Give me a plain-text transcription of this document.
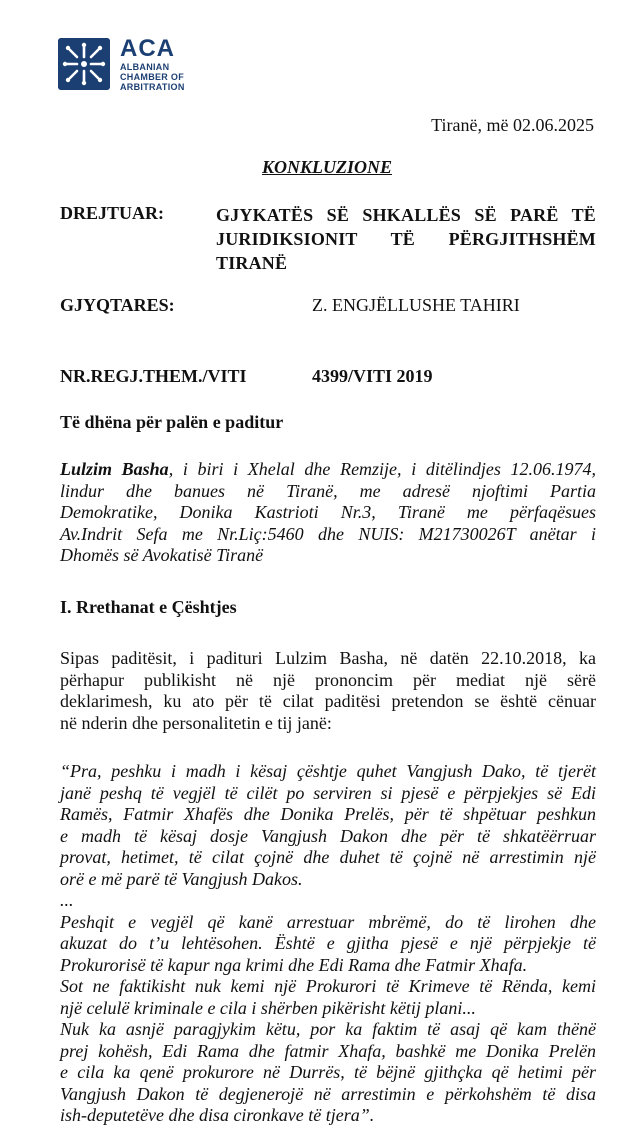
ACA
ALBANIAN
CHAMBER OF
ARBITRATION
Tiranë, më 02.06.2025
KONKLUZIONE
DREJTUAR:	GJYKATËS SË SHKALLËS SË PARË TË
JURIDIKSIONIT TË PËRGJITHSHËM
TIRANË
GJYQTARES:	Z. ENGJËLLUSHE TAHIRI
NR.REGJ.THEM./VITI	4399/VITI 2019
Të dhëna për palën e paditur
Lulzim Basha, i biri i Xhelal dhe Remzije, i ditëlindjes 12.06.1974,
lindur dhe banues në Tiranë, me adresë njoftimi Partia
Demokratike, Donika Kastrioti Nr.3, Tiranë me përfaqësues
Av.Indrit Sefa me Nr.Liç:5460 dhe NUIS: M21730026T anëtar i
Dhomës së Avokatisë Tiranë
I. Rrethanat e Çështjes
Sipas paditësit, i padituri Lulzim Basha, në datën 22.10.2018, ka
përhapur publikisht në një prononcim për mediat një sërë
deklarimesh, ku ato për të cilat paditësi pretendon se është cënuar
në nderin dhe personalitetin e tij janë:
“Pra, peshku i madh i kësaj çështje quhet Vangjush Dako, të tjerët
janë peshq të vegjël të cilët po serviren si pjesë e përpjekjes së Edi
Ramës, Fatmir Xhafës dhe Donika Prelës, për të shpëtuar peshkun
e madh të kësaj dosje Vangjush Dakon dhe për të shkatëërruar
provat, hetimet, të cilat çojnë dhe duhet të çojnë në arrestimin një
orë e më parë të Vangjush Dakos.
...
Peshqit e vegjël që kanë arrestuar mbrëmë, do të lirohen dhe
akuzat do t’u lehtësohen. Është e gjitha pjesë e një përpjekje të
Prokurorisë të kapur nga krimi dhe Edi Rama dhe Fatmir Xhafa.
Sot ne faktikisht nuk kemi një Prokurori të Krimeve të Rënda, kemi
një celulë kriminale e cila i shërben pikërisht këtij plani...
Nuk ka asnjë paragjykim këtu, por ka faktim të asaj që kam thënë
prej kohësh, Edi Rama dhe fatmir Xhafa, bashkë me Donika Prelën
e cila ka qenë prokurore në Durrës, të bëjnë gjithçka që hetimi për
Vangjush Dakon të degjenerojë në arrestimin e përkohshëm të disa
ish-deputetëve dhe disa cironkave të tjera”.
